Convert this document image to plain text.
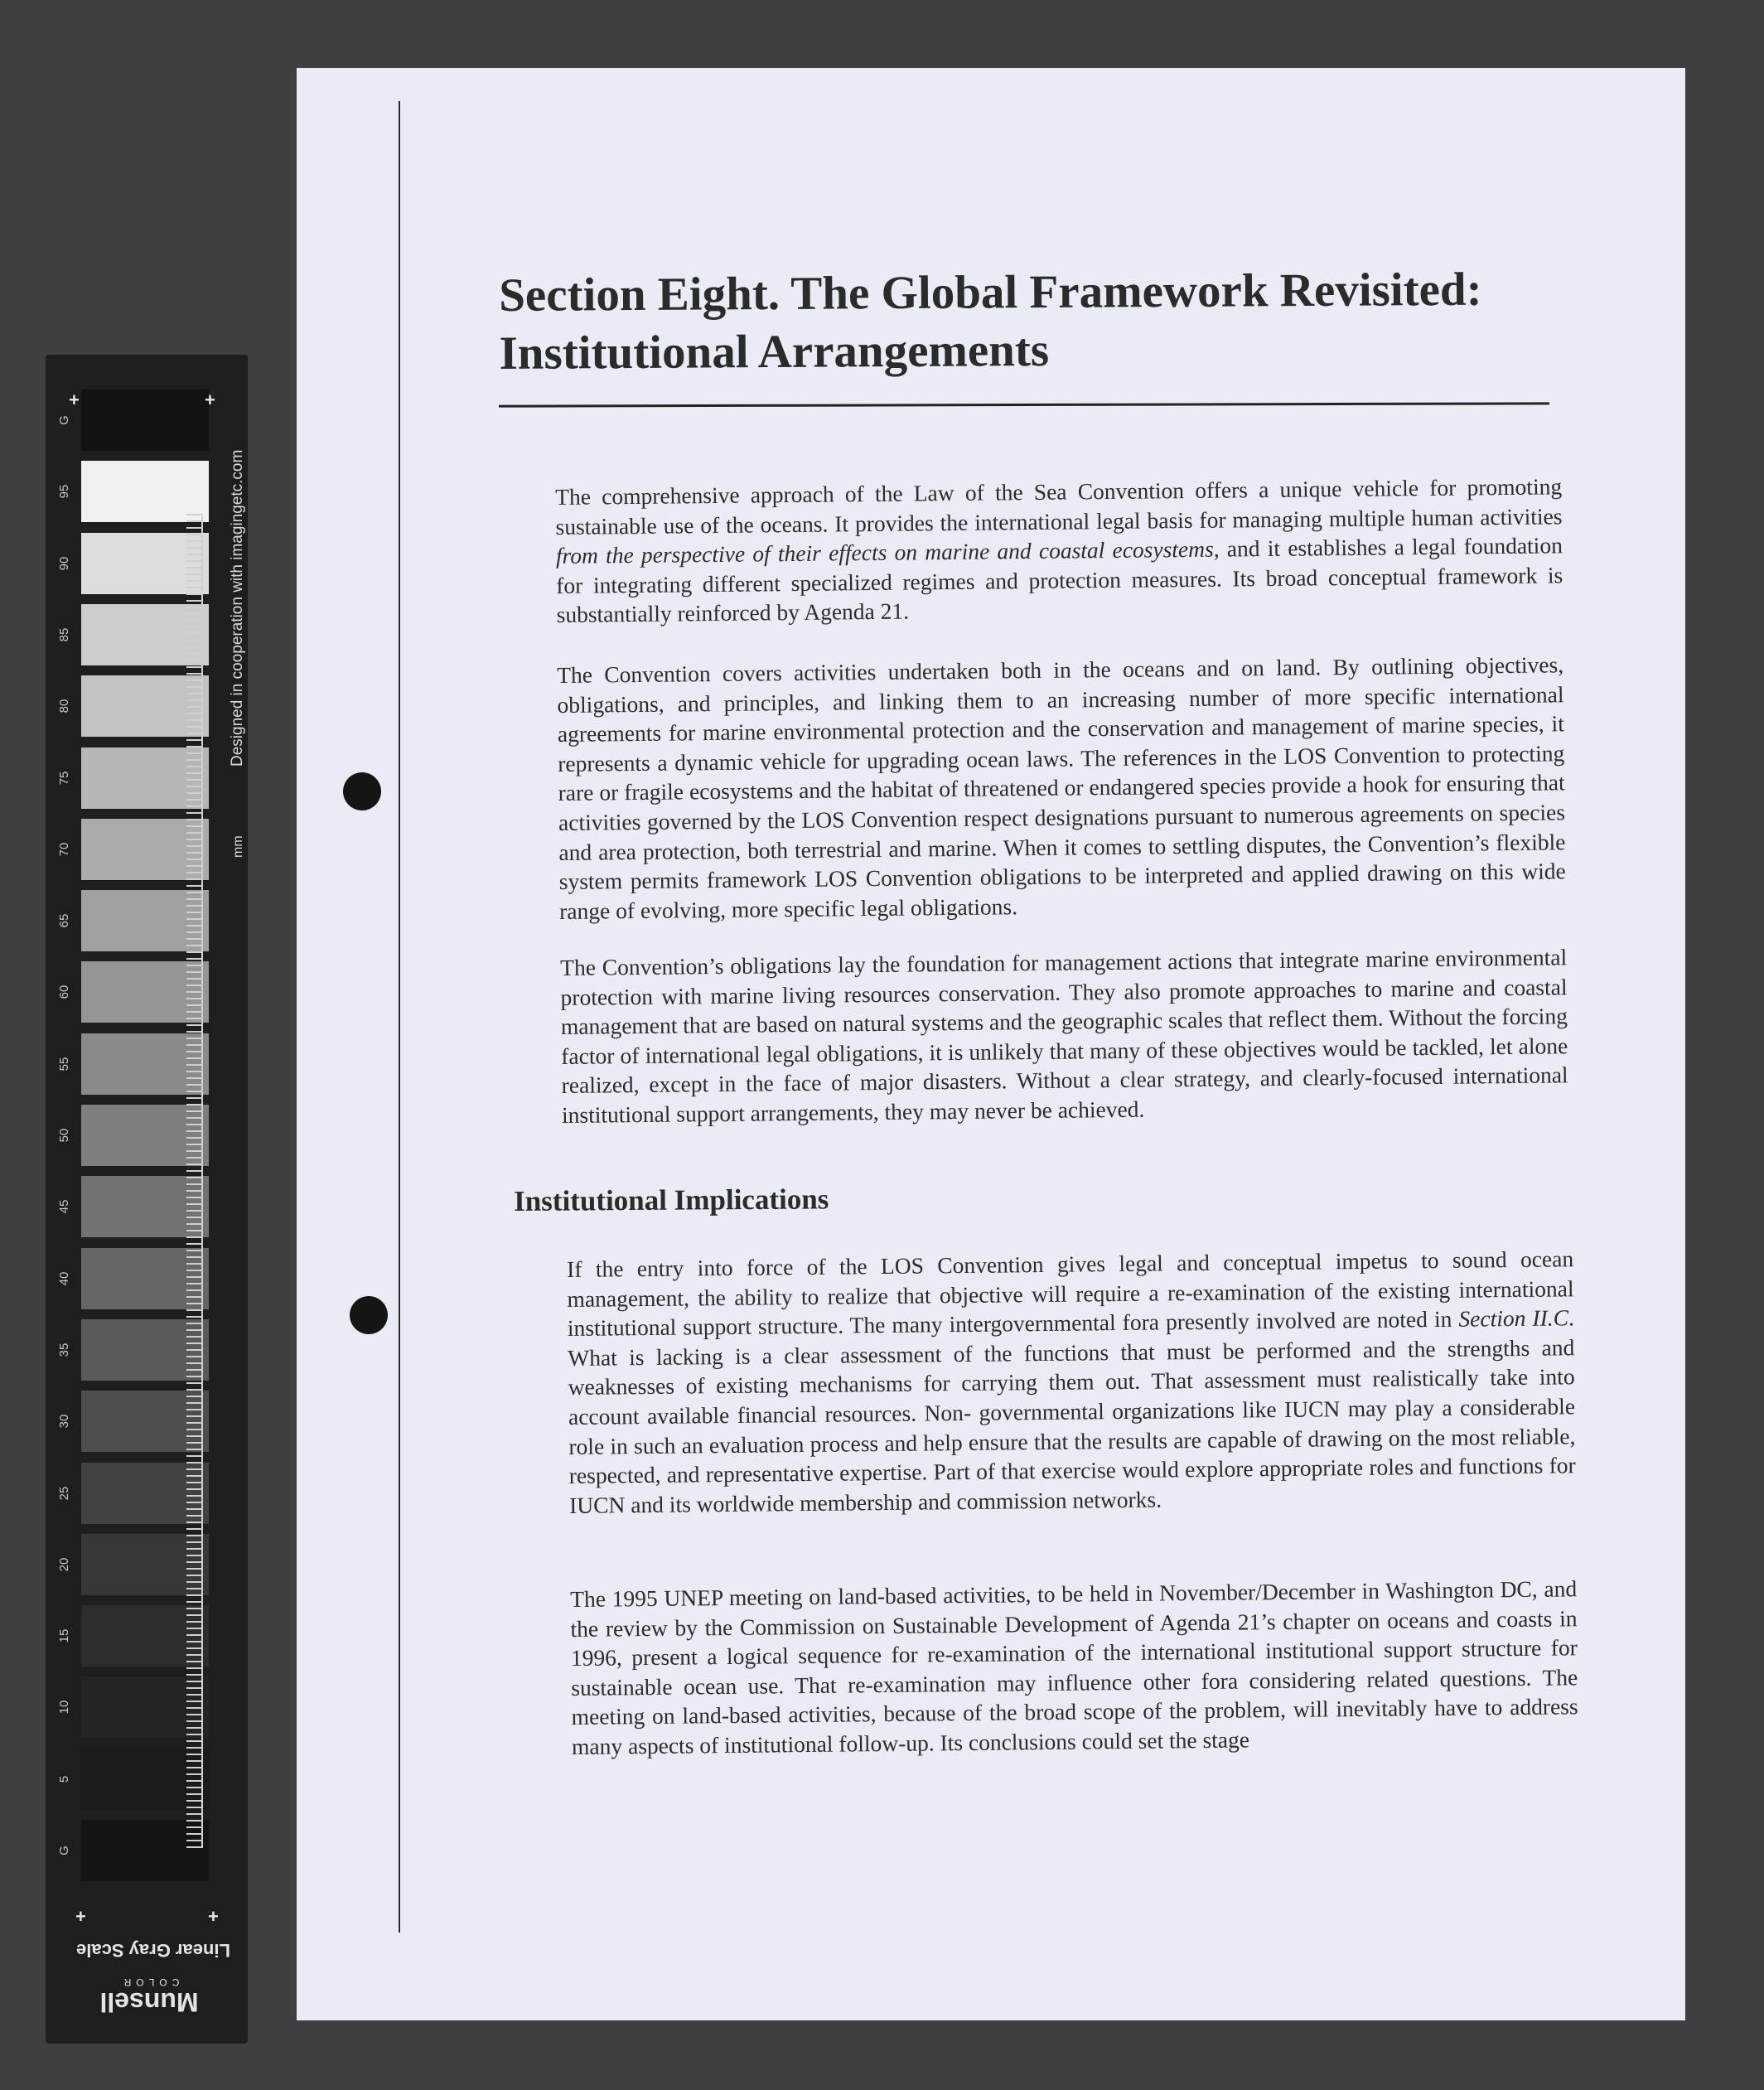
G
95
90
85
80
75
70
65
60
55
50
45
40
35
30
25
20
15
10
5
G
+	+
+	+
Designed in cooperation with imagingetc.com
mm
Linear Gray Scale
Munsell
COLOR
Section Eight. The Global Framework Revisited:
Institutional Arrangements

The comprehensive approach of the Law of the Sea Convention offers a unique vehicle for promoting sustainable use of the oceans. It provides the international legal basis for managing multiple human activities from the perspective of their effects on marine and coastal ecosystems, and it establishes a legal foundation for integrating different specialized regimes and protection measures. Its broad conceptual framework is substantially reinforced by Agenda 21.

The Convention covers activities undertaken both in the oceans and on land. By outlining objectives, obligations, and principles, and linking them to an increasing number of more specific international agreements for marine environmental protection and the conservation and management of marine species, it represents a dynamic vehicle for upgrading ocean laws. The references in the LOS Convention to protecting rare or fragile ecosystems and the habitat of threatened or endangered species provide a hook for ensuring that activities governed by the LOS Convention respect designations pursuant to numerous agreements on species and area protection, both terrestrial and marine. When it comes to settling disputes, the Convention’s flexible system permits framework LOS Convention obligations to be interpreted and applied drawing on this wide range of evolving, more specific legal obligations.

The Convention’s obligations lay the foundation for management actions that integrate marine environmental protection with marine living resources conservation. They also promote approaches to marine and coastal management that are based on natural systems and the geographic scales that reflect them. Without the forcing factor of international legal obligations, it is unlikely that many of these objectives would be tackled, let alone realized, except in the face of major disasters. Without a clear strategy, and clearly-focused international institutional support arrangements, they may never be achieved.

Institutional Implications

If the entry into force of the LOS Convention gives legal and conceptual impetus to sound ocean management, the ability to realize that objective will require a re-examination of the existing international institutional support structure. The many intergovernmental fora presently involved are noted in Section II.C. What is lacking is a clear assessment of the functions that must be performed and the strengths and weaknesses of existing mechanisms for carrying them out. That assessment must realistically take into account available financial resources. Non- governmental organizations like IUCN may play a considerable role in such an evaluation process and help ensure that the results are capable of drawing on the most reliable, respected, and representative expertise. Part of that exercise would explore appropriate roles and functions for IUCN and its worldwide membership and commission networks.

The 1995 UNEP meeting on land-based activities, to be held in November/December in Washington DC, and the review by the Commission on Sustainable Development of Agenda 21’s chapter on oceans and coasts in 1996, present a logical sequence for re-examination of the international institutional support structure for sustainable ocean use. That re-examination may influence other fora considering related questions. The meeting on land-based activities, because of the broad scope of the problem, will inevitably have to address many aspects of institutional follow-up. Its conclusions could set the stage
